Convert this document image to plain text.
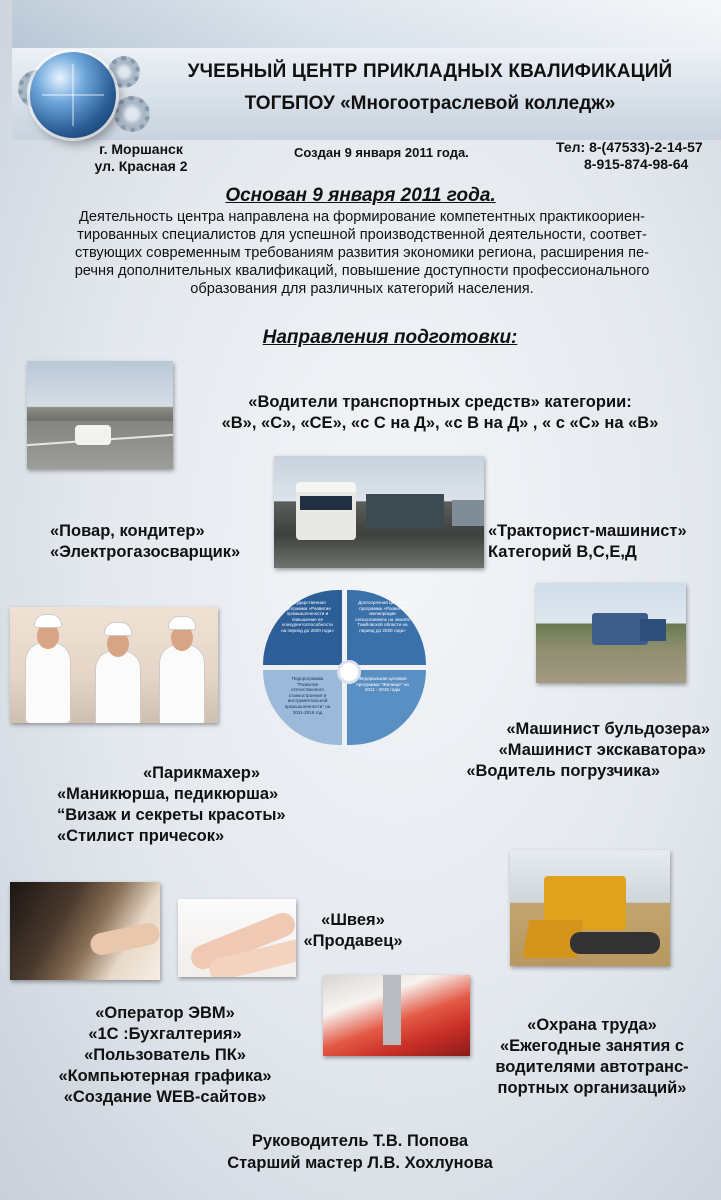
УЧЕБНЫЙ ЦЕНТР ПРИКЛАДНЫХ КВАЛИФИКАЦИЙ
ТОГБПОУ «Многоотраслевой колледж»
г. Моршанск
ул. Красная 2
Создан 9 января 2011 года.	Тел: 8-(47533)-2-14-57
8-915-874-98-64
Основан 9 января 2011 года.
Деятельность центра направлена на формирование компетентных практикоориен-
тированных специалистов для успешной производственной деятельности, соответ-
ствующих современным требованиям развития экономики региона, расширения пе-
речня дополнительных квалификаций, повышение доступности профессионального
образования для различных категорий населения.
Направления подготовки:
Государственная программа «Развитие промышленности и повышение ее конкурентоспособности на период до 2020 года»
Долгосрочная целевая программа «Развитие мелиорации сельхозземель на землях Тамбовской области на период до 2020 года»
Подпрограмма "Развитие отечественного станкостроения и инструментальной промышленности" на 2011-2016 год
Федеральная целевая программа "Жилище" на 2011 - 2015 годы
«Водители транспортных средств» категории:
«В», «С», «СЕ», «с С на Д», «с В на Д» , « с «С» на «В»
«Повар, кондитер»
«Электрогазосварщик»
«Тракторист-машинист»
Категорий В,С,Е,Д
«Машинист бульдозера»
«Машинист экскаватора»
«Водитель погрузчика»
«Парикмахер»
«Маникюрша, педикюрша»
“Визаж и секреты красоты»
«Стилист причесок»
«Швея»
«Продавец»
«Оператор ЭВМ»
«1С :Бухгалтерия»
«Пользователь ПК»
«Компьютерная графика»
«Создание WEB-сайтов»
«Охрана труда»
«Ежегодные занятия с
водителями автотранс-
портных организаций»
Руководитель Т.В. Попова
Старший мастер Л.В. Хохлунова
